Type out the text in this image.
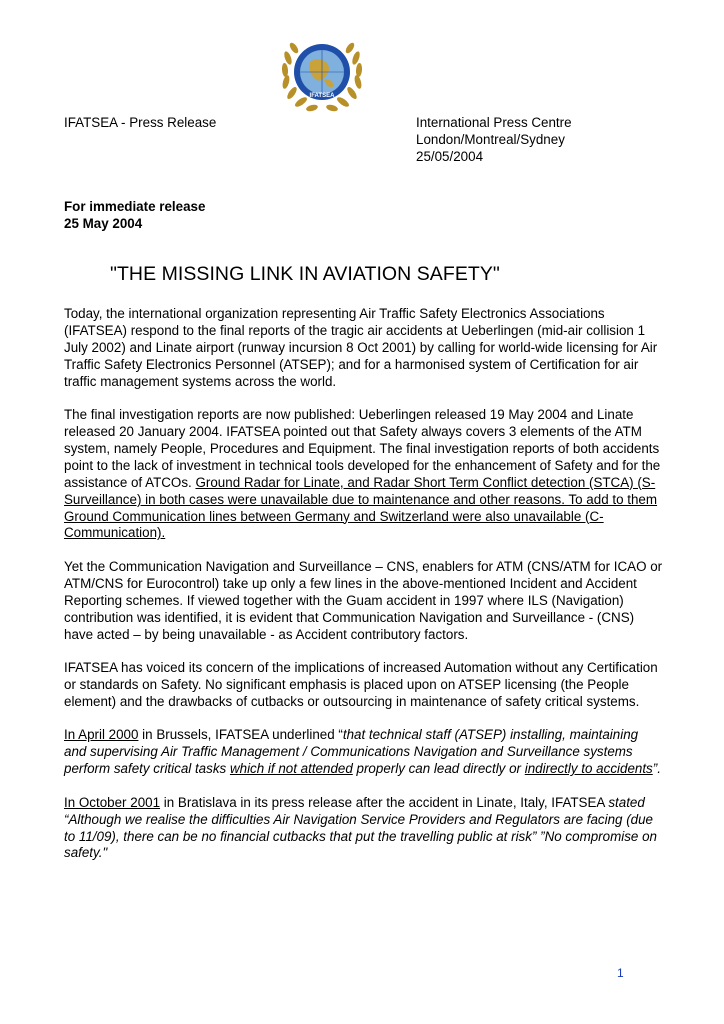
IFATSEA
IFATSEA - Press Release	International Press Centre
London/Montreal/Sydney
25/05/2004
For immediate release
25 May 2004
"THE MISSING LINK IN AVIATION SAFETY"

Today, the international organization representing Air Traffic Safety Electronics Associations (IFATSEA) respond to the final reports of the tragic air accidents at Ueberlingen (mid-air collision 1 July 2002) and Linate airport (runway incursion 8 Oct 2001) by calling for world-wide licensing for Air Traffic Safety Electronics Personnel (ATSEP); and for a harmonised system of Certification for air traffic management systems across the world.

The final investigation reports are now published: Ueberlingen released 19 May 2004 and Linate released 20 January 2004. IFATSEA pointed out that Safety always covers 3 elements of the ATM system, namely People, Procedures and Equipment. The final investigation reports of both accidents point to the lack of investment in technical tools developed for the enhancement of Safety and for the assistance of ATCOs. Ground Radar for Linate, and Radar Short Term Conflict detection (STCA) (S-Surveillance) in both cases were unavailable due to maintenance and other reasons. To add to them Ground Communication lines between Germany and Switzerland were also unavailable (C-Communication).

Yet the Communication Navigation and Surveillance – CNS, enablers for ATM (CNS/ATM for ICAO or ATM/CNS for Eurocontrol) take up only a few lines in the above-mentioned Incident and Accident Reporting schemes. If viewed together with the Guam accident in 1997 where ILS (Navigation) contribution was identified, it is evident that Communication Navigation and Surveillance - (CNS) have acted – by being unavailable - as Accident contributory factors.

IFATSEA has voiced its concern of the implications of increased Automation without any Certification or standards on Safety. No significant emphasis is placed upon on ATSEP licensing (the People element) and the drawbacks of cutbacks or outsourcing in maintenance of safety critical systems.

In April 2000 in Brussels, IFATSEA underlined “that technical staff (ATSEP) installing, maintaining and supervising Air Traffic Management / Communications Navigation and Surveillance systems perform safety critical tasks which if not attended properly can lead directly or indirectly to accidents”.

In October 2001 in Bratislava in its press release after the accident in Linate, Italy, IFATSEA stated “Although we realise the difficulties Air Navigation Service Providers and Regulators are facing (due to 11/09), there can be no financial cutbacks that put the travelling public at risk” ”No compromise on safety."

1
